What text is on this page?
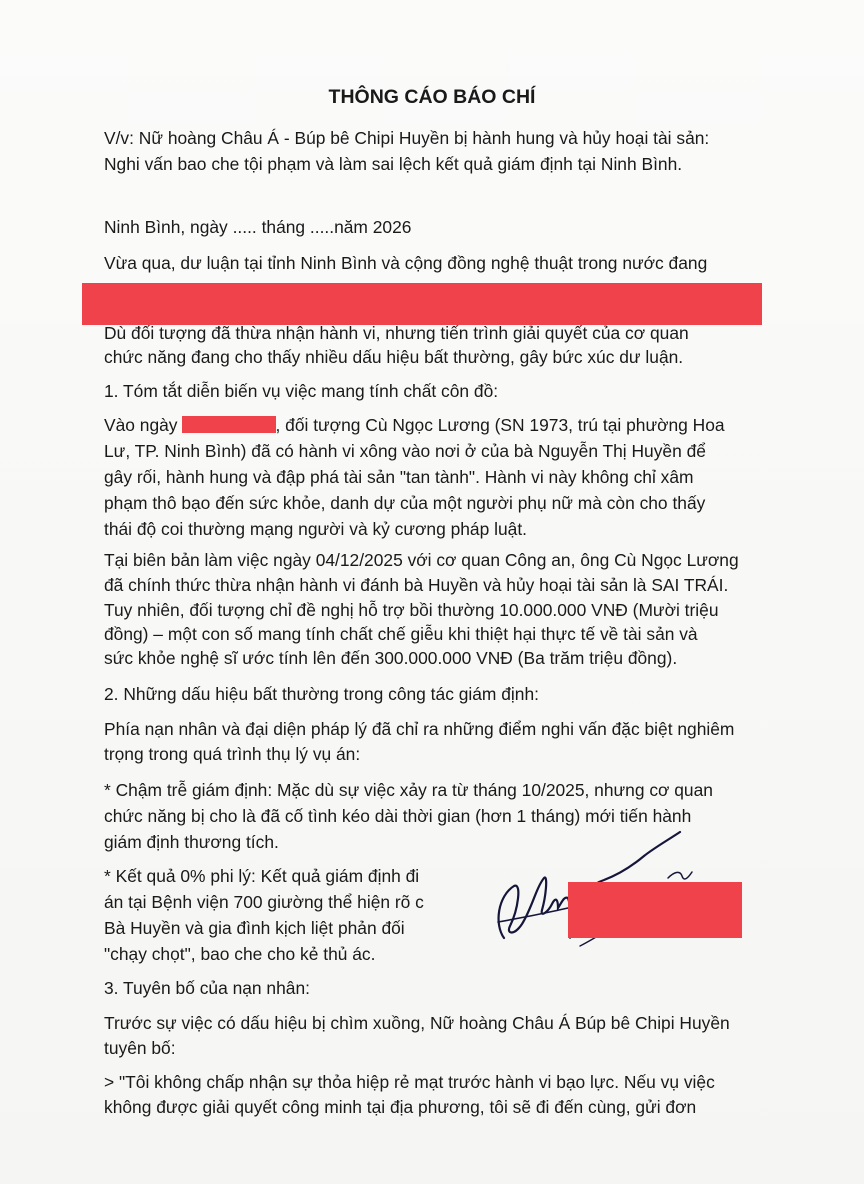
THÔNG CÁO BÁO CHÍ
V/v: Nữ hoàng Châu Á - Búp bê Chipi Huyền bị hành hung và hủy hoại tài sản:
Nghi vấn bao che tội phạm và làm sai lệch kết quả giám định tại Ninh Bình.
Ninh Bình, ngày ..... tháng .....năm 2026
Vừa qua, dư luận tại tỉnh Ninh Bình và cộng đồng nghệ thuật trong nước đang
Dù đối tượng đã thừa nhận hành vi, nhưng tiến trình giải quyết của cơ quan
chức năng đang cho thấy nhiều dấu hiệu bất thường, gây bức xúc dư luận.
1. Tóm tắt diễn biến vụ việc mang tính chất côn đồ:
Vào ngày	, đối tượng Cù Ngọc Lương (SN 1973, trú tại phường Hoa
Lư, TP. Ninh Bình) đã có hành vi xông vào nơi ở của bà Nguyễn Thị Huyền để
gây rối, hành hung và đập phá tài sản "tan tành". Hành vi này không chỉ xâm
phạm thô bạo đến sức khỏe, danh dự của một người phụ nữ mà còn cho thấy
thái độ coi thường mạng người và kỷ cương pháp luật.
Tại biên bản làm việc ngày 04/12/2025 với cơ quan Công an, ông Cù Ngọc Lương
đã chính thức thừa nhận hành vi đánh bà Huyền và hủy hoại tài sản là SAI TRÁI.
Tuy nhiên, đối tượng chỉ đề nghị hỗ trợ bồi thường 10.000.000 VNĐ (Mười triệu
đồng) – một con số mang tính chất chế giễu khi thiệt hại thực tế về tài sản và
sức khỏe nghệ sĩ ước tính lên đến 300.000.000 VNĐ (Ba trăm triệu đồng).
2. Những dấu hiệu bất thường trong công tác giám định:
Phía nạn nhân và đại diện pháp lý đã chỉ ra những điểm nghi vấn đặc biệt nghiêm
trọng trong quá trình thụ lý vụ án:
* Chậm trễ giám định: Mặc dù sự việc xảy ra từ tháng 10/2025, nhưng cơ quan
chức năng bị cho là đã cố tình kéo dài thời gian (hơn 1 tháng) mới tiến hành
giám định thương tích.
* Kết quả 0% phi lý: Kết quả giám định đi
án tại Bệnh viện 700 giường thể hiện rõ c
Bà Huyền và gia đình kịch liệt phản đối
"chạy chọt", bao che cho kẻ thủ ác.
3. Tuyên bố của nạn nhân:
Trước sự việc có dấu hiệu bị chìm xuồng, Nữ hoàng Châu Á Búp bê Chipi Huyền
tuyên bố:
> "Tôi không chấp nhận sự thỏa hiệp rẻ mạt trước hành vi bạo lực. Nếu vụ việc
không được giải quyết công minh tại địa phương, tôi sẽ đi đến cùng, gửi đơn
